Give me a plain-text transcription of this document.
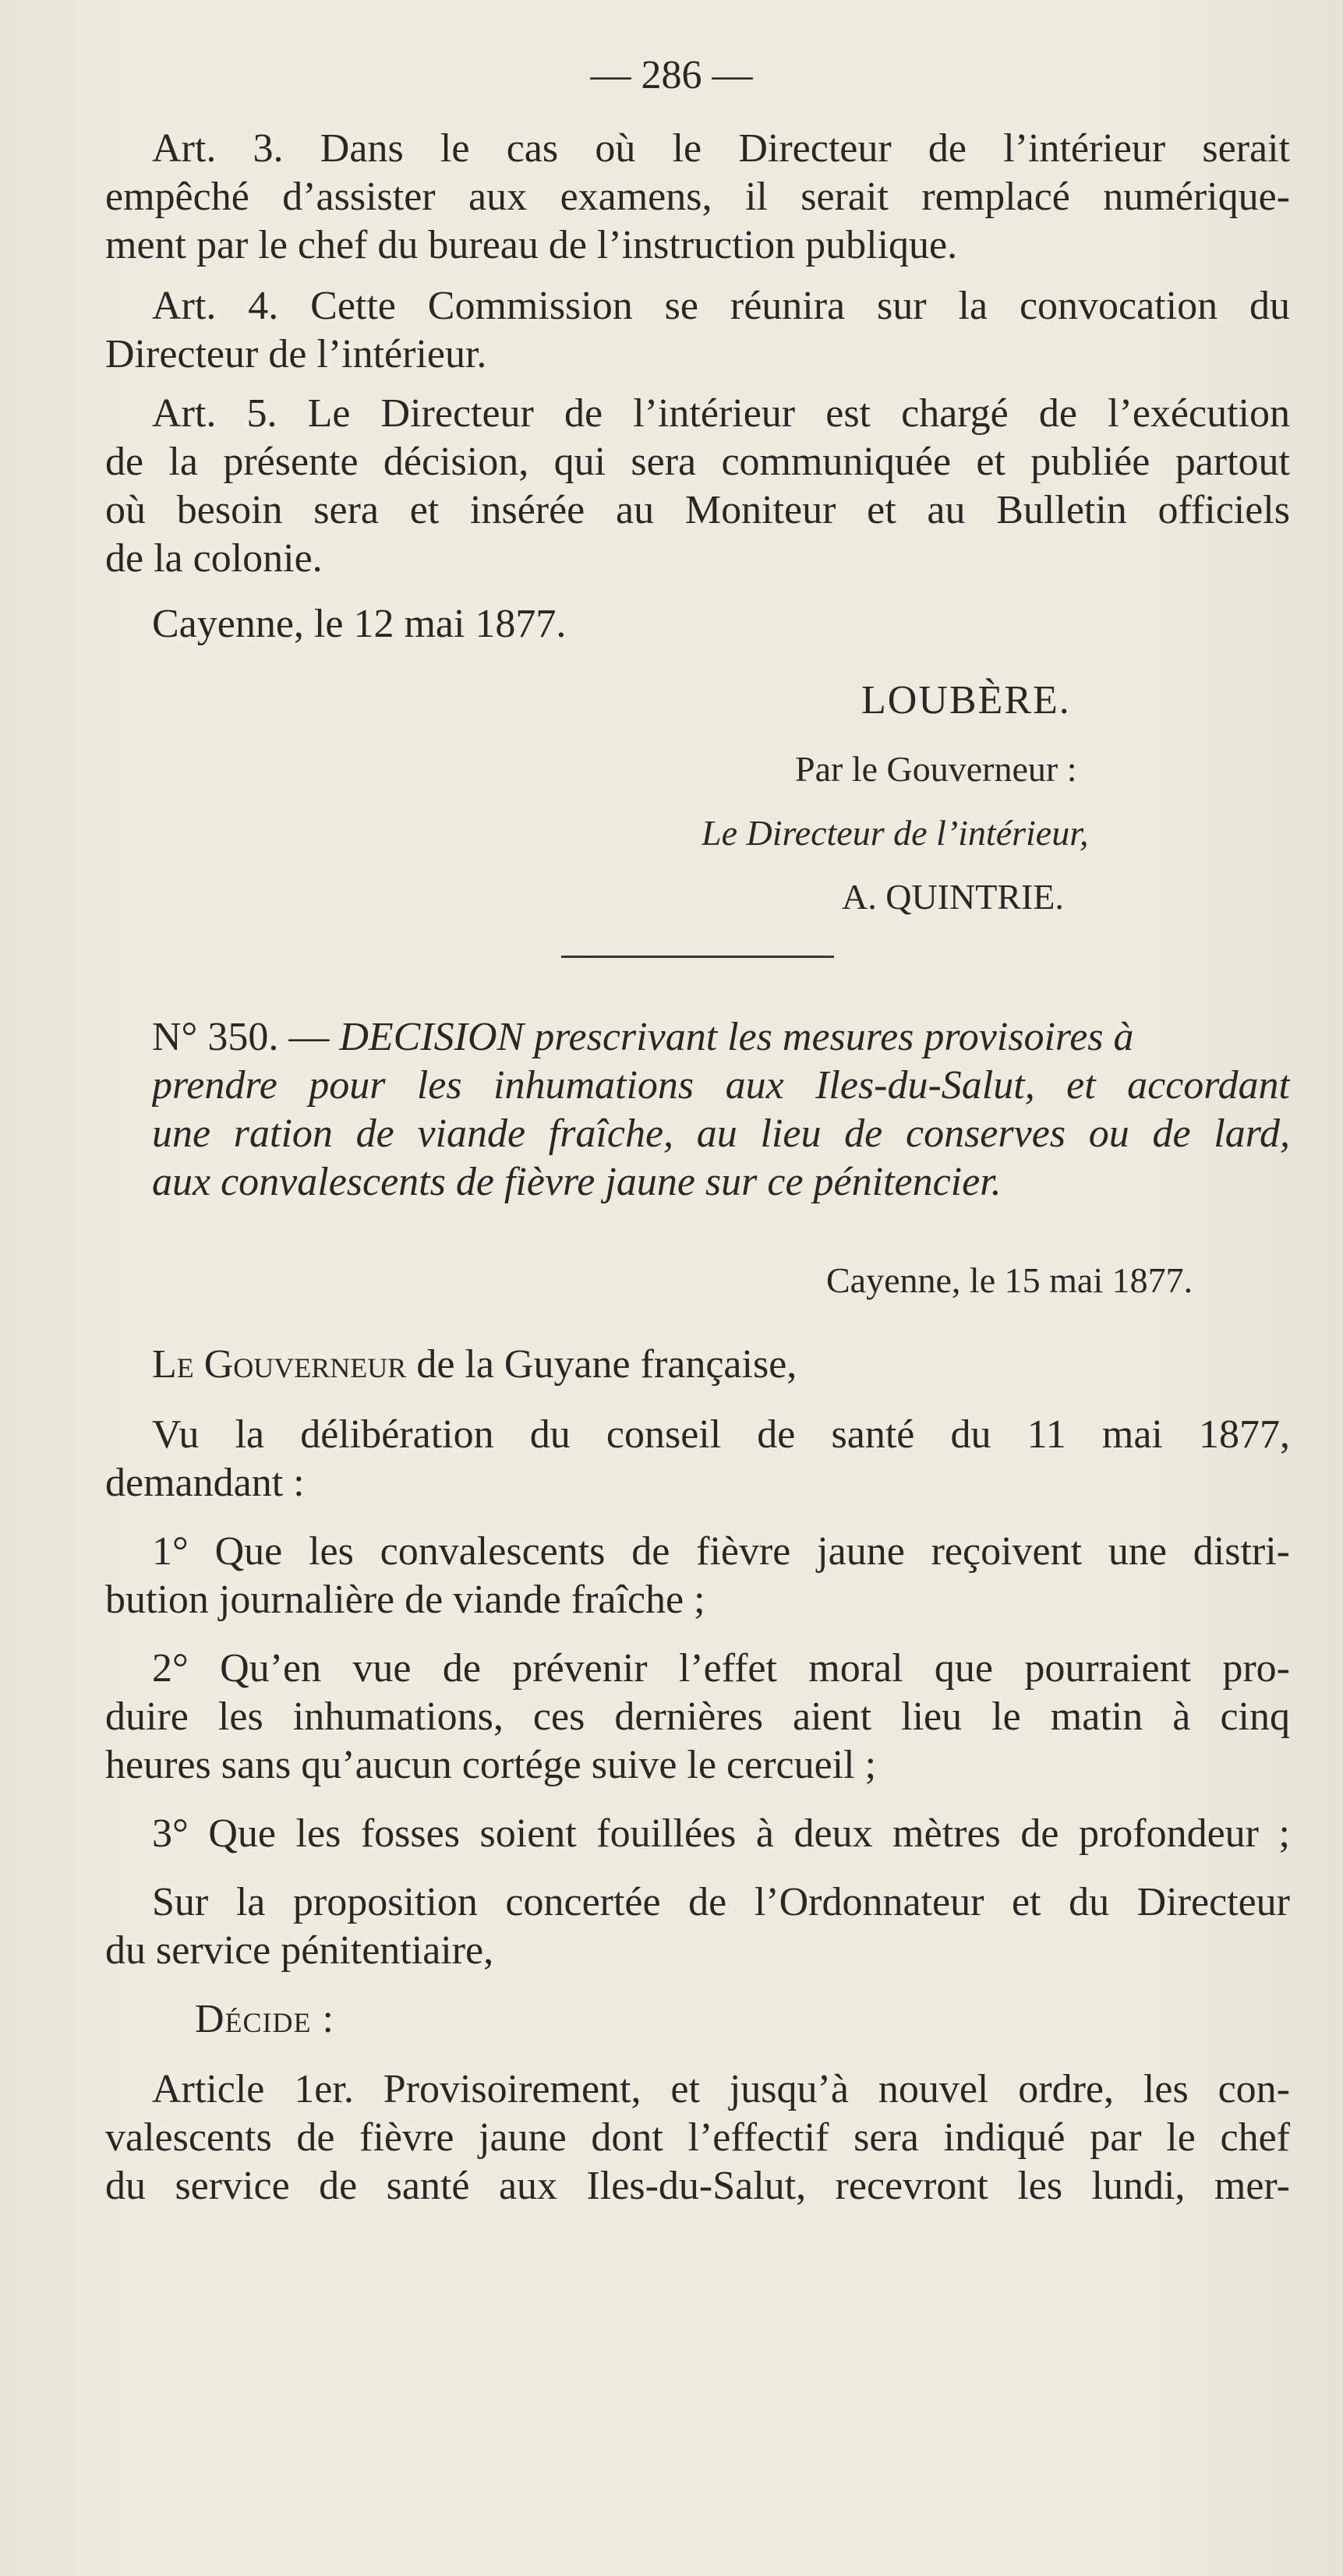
— 286 —
Art. 3. Dans le cas où le Directeur de l’intérieur serait
empêché d’assister aux examens, il serait remplacé numérique-
ment par le chef du bureau de l’instruction publique.
Art. 4. Cette Commission se réunira sur la convocation du
Directeur de l’intérieur.
Art. 5. Le Directeur de l’intérieur est chargé de l’exécution
de la présente décision, qui sera communiquée et publiée partout
où besoin sera et insérée au Moniteur et au Bulletin officiels
de la colonie.
Cayenne, le 12 mai 1877.
LOUBÈRE.
Par le Gouverneur :
Le Directeur de l’intérieur,
A. QUINTRIE.
N° 350. — DECISION prescrivant les mesures provisoires à
prendre pour les inhumations aux Iles-du-Salut, et accordant
une ration de viande fraîche, au lieu de conserves ou de lard,
aux convalescents de fièvre jaune sur ce pénitencier.
Cayenne, le 15 mai 1877.
Le Gouverneur de la Guyane française,
Vu la délibération du conseil de santé du 11 mai 1877,
demandant :
1° Que les convalescents de fièvre jaune reçoivent une distri-
bution journalière de viande fraîche ;
2° Qu’en vue de prévenir l’effet moral que pourraient pro-
duire les inhumations, ces dernières aient lieu le matin à cinq
heures sans qu’aucun cortége suive le cercueil ;
3° Que les fosses soient fouillées à deux mètres de profondeur ;
Sur la proposition concertée de l’Ordonnateur et du Directeur
du service pénitentiaire,
Décide :
Article 1er. Provisoirement, et jusqu’à nouvel ordre, les con-
valescents de fièvre jaune dont l’effectif sera indiqué par le chef
du service de santé aux Iles-du-Salut, recevront les lundi, mer-
